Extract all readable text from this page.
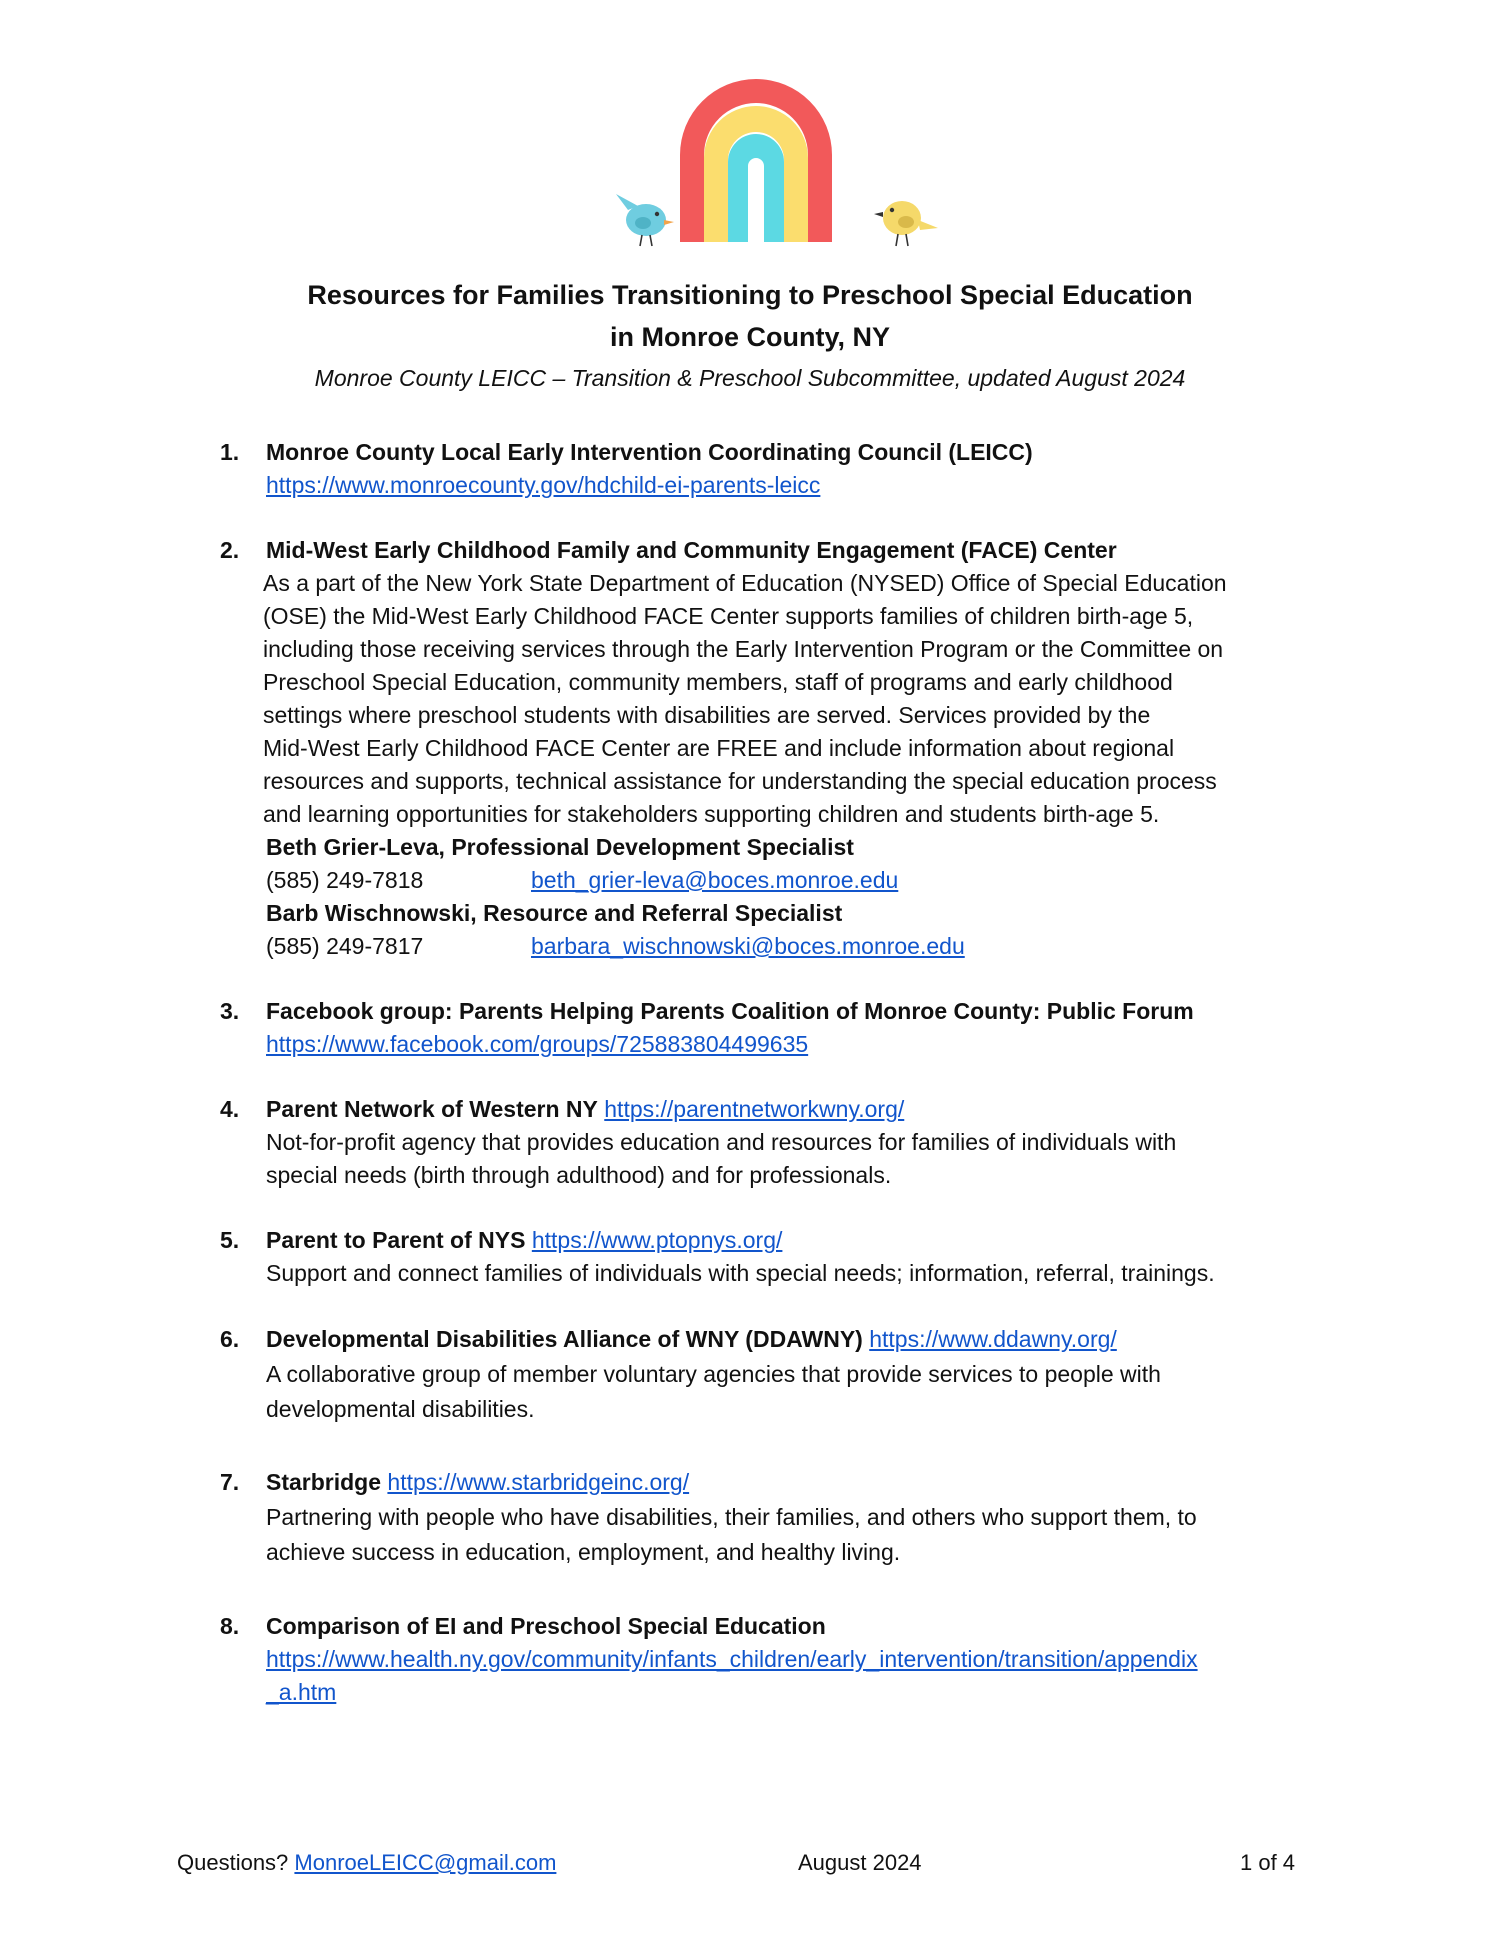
Resources for Families Transitioning to Preschool Special Education
in Monroe County, NY
Monroe County LEICC – Transition & Preschool Subcommittee, updated August 2024
1. Monroe County Local Early Intervention Coordinating Council (LEICC)
https://www.monroecounty.gov/hdchild-ei-parents-leicc
2. Mid-West Early Childhood Family and Community Engagement (FACE) Center
As a part of the New York State Department of Education (NYSED) Office of Special Education
(OSE) the Mid-West Early Childhood FACE Center supports families of children birth-age 5,
including those receiving services through the Early Intervention Program or the Committee on
Preschool Special Education, community members, staff of programs and early childhood
settings where preschool students with disabilities are served. Services provided by the
Mid-West Early Childhood FACE Center are FREE and include information about regional
resources and supports, technical assistance for understanding the special education process
and learning opportunities for stakeholders supporting children and students birth-age 5.
Beth Grier-Leva, Professional Development Specialist
(585) 249-7818	beth_grier-leva@boces.monroe.edu
Barb Wischnowski, Resource and Referral Specialist
(585) 249-7817	barbara_wischnowski@boces.monroe.edu
3. Facebook group: Parents Helping Parents Coalition of Monroe County: Public Forum
https://www.facebook.com/groups/725883804499635
4. Parent Network of Western NY https://parentnetworkwny.org/
Not-for-profit agency that provides education and resources for families of individuals with
special needs (birth through adulthood) and for professionals.
5. Parent to Parent of NYS https://www.ptopnys.org/
Support and connect families of individuals with special needs; information, referral, trainings.
6. Developmental Disabilities Alliance of WNY (DDAWNY) https://www.ddawny.org/
A collaborative group of member voluntary agencies that provide services to people with
developmental disabilities.
7. Starbridge https://www.starbridgeinc.org/
Partnering with people who have disabilities, their families, and others who support them, to
achieve success in education, employment, and healthy living.
8. Comparison of EI and Preschool Special Education
https://www.health.ny.gov/community/infants_children/early_intervention/transition/appendix
_a.htm
Questions? MonroeLEICC@gmail.com	August 2024	1 of 4
